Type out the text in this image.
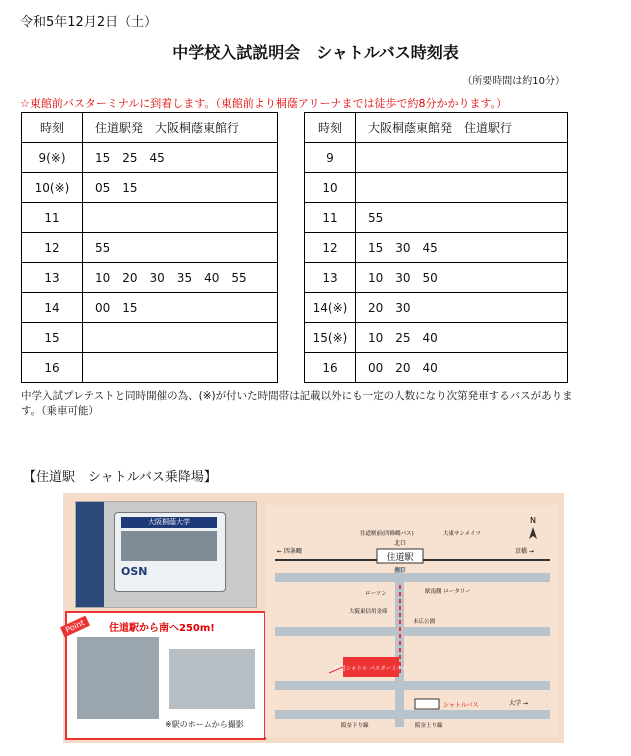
令和5年12月2日（土）
中学校入試説明会　シャトルバス時刻表
（所要時間は約10分）
☆東館前バスターミナルに到着します。（東館前より桐蔭アリーナまでは徒歩で約8分かかります。）
時刻	住道駅発　大阪桐蔭東館行
9(※)	15　25　45
10(※)	05　15
11	
12	55
13	10　20　30　35　40　55
14	00　15
15	
16	
時刻	大阪桐蔭東館発　住道駅行
9	
10	
11	55
12	15　30　45
13	10　30　50
14(※)	20　30
15(※)	10　25　40
16	00　20　40
中学入試プレテストと同時開催の為、(※)が付いた時間帯は記載以外にも一定の人数になり次第発車するバスがあります。（乗車可能）
【住道駅　シャトルバス乗降場】
大阪桐蔭大学
OSN
Point	住道駅から南へ250m!
※駅のホームから撮影
住道駅
北口
南口
← 四条畷	京橋 →
住道駅前(四條畷バス)	大東サンメイツ
ローソン	駅南側 ロータリー
大阪東信用金庫
末広公園
住道シャトル バスターミナル
阪奈下り線	阪奈上り線
大学 →
シャトルバス
N
